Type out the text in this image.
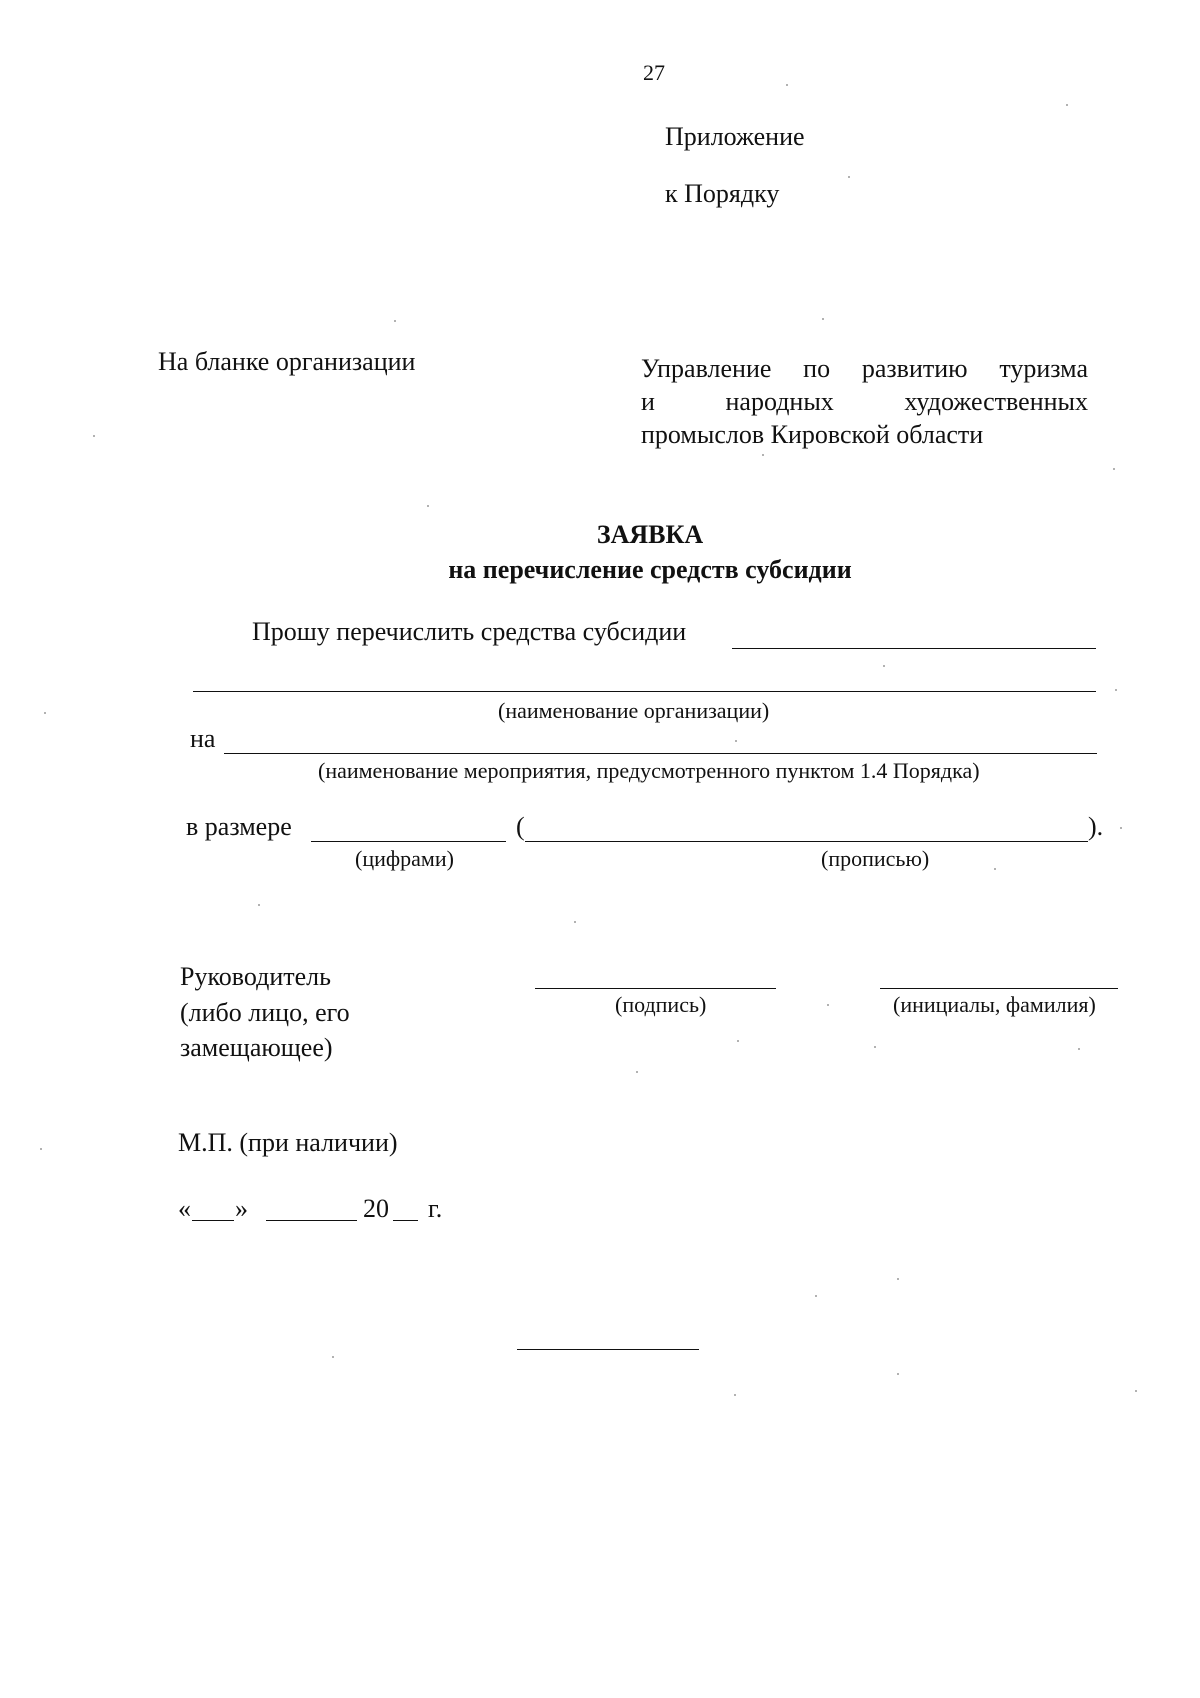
27
Приложение
к Порядку
На бланке организации	Управление по развитию туризма
и народных художественных
промыслов Кировской области
ЗАЯВКА
на перечисление средств субсидии
Прошу перечислить средства субсидии
(наименование организации)
на
(наименование мероприятия, предусмотренного пунктом 1.4 Порядка)
в размере	(	).
(цифрами)	(прописью)
Руководитель
(либо лицо, его
замещающее)
(подпись)	(инициалы, фамилия)
М.П. (при наличии)
« »	20 г.
